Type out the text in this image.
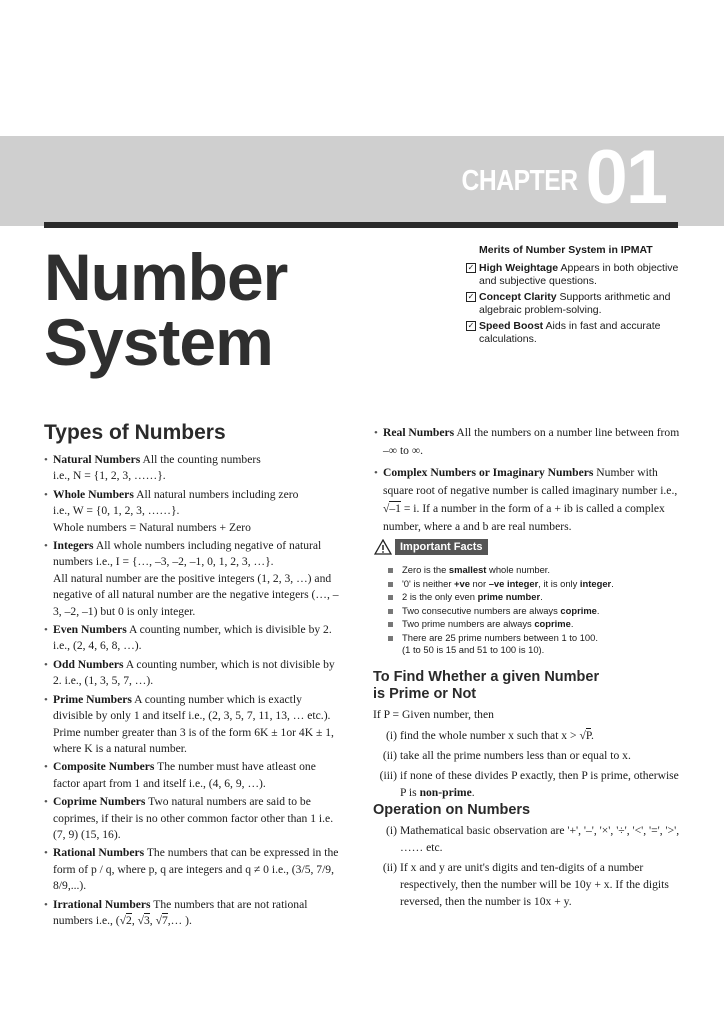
CHAPTER 01
Number
System
Merits of Number System in IPMAT
✓ High Weightage Appears in both objective and subjective questions.
✓ Concept Clarity Supports arithmetic and algebraic problem-solving.
✓ Speed Boost Aids in fast and accurate calculations.
Types of Numbers
• Natural Numbers All the counting numbers
i.e., N = {1, 2, 3, ……}.
• Whole Numbers All natural numbers including zero
i.e., W = {0, 1, 2, 3, ……}.
Whole numbers = Natural numbers + Zero
• Integers All whole numbers including negative of natural numbers i.e., I = {…, –3, –2, –1, 0, 1, 2, 3, …}.
All natural number are the positive integers (1, 2, 3, …) and negative of all natural number are the negative integers (…, –3, –2, –1) but 0 is only integer.
• Even Numbers A counting number, which is divisible by 2. i.e., (2, 4, 6, 8, …).
• Odd Numbers A counting number, which is not divisible by 2. i.e., (1, 3, 5, 7, …).
• Prime Numbers A counting number which is exactly divisible by only 1 and itself i.e., (2, 3, 5, 7, 11, 13, … etc.). Prime number greater than 3 is of the form 6K ± 1or 4K ± 1, where K is a natural number.
• Composite Numbers The number must have atleast one factor apart from 1 and itself i.e., (4, 6, 9, …).
• Coprime Numbers Two natural numbers are said to be coprimes, if their is no other common factor other than 1 i.e. (7, 9) (15, 16).
• Rational Numbers The numbers that can be expressed in the form of p / q, where p, q are integers and q ≠ 0 i.e., (3/5, 7/9, 8/9,...).
• Irrational Numbers The numbers that are not rational numbers i.e., (√2, √3, √7,… ).
• Real Numbers All the numbers on a number line between from –∞ to ∞.
• Complex Numbers or Imaginary Numbers Number with square root of negative number is called imaginary number i.e., √–1 = i. If a number in the form of a + ib is called a complex number, where a and b are real numbers.
Important Facts
Zero is the smallest whole number.
'0' is neither +ve nor –ve integer, it is only integer.
2 is the only even prime number.
Two consecutive numbers are always coprime.
Two prime numbers are always coprime.
There are 25 prime numbers between 1 to 100.
(1 to 50 is 15 and 51 to 100 is 10).
To Find Whether a given Number
is Prime or Not
If P = Given number, then
(i) find the whole number x such that x > √P.
(ii) take all the prime numbers less than or equal to x.
(iii) if none of these divides P exactly, then P is prime, otherwise P is non-prime.
Operation on Numbers
(i) Mathematical basic observation are '+', '–', '×', '÷', '<', '=', '>', …… etc.
(ii) If x and y are unit's digits and ten-digits of a number respectively, then the number will be 10y + x. If the digits reversed, then the number is 10x + y.
